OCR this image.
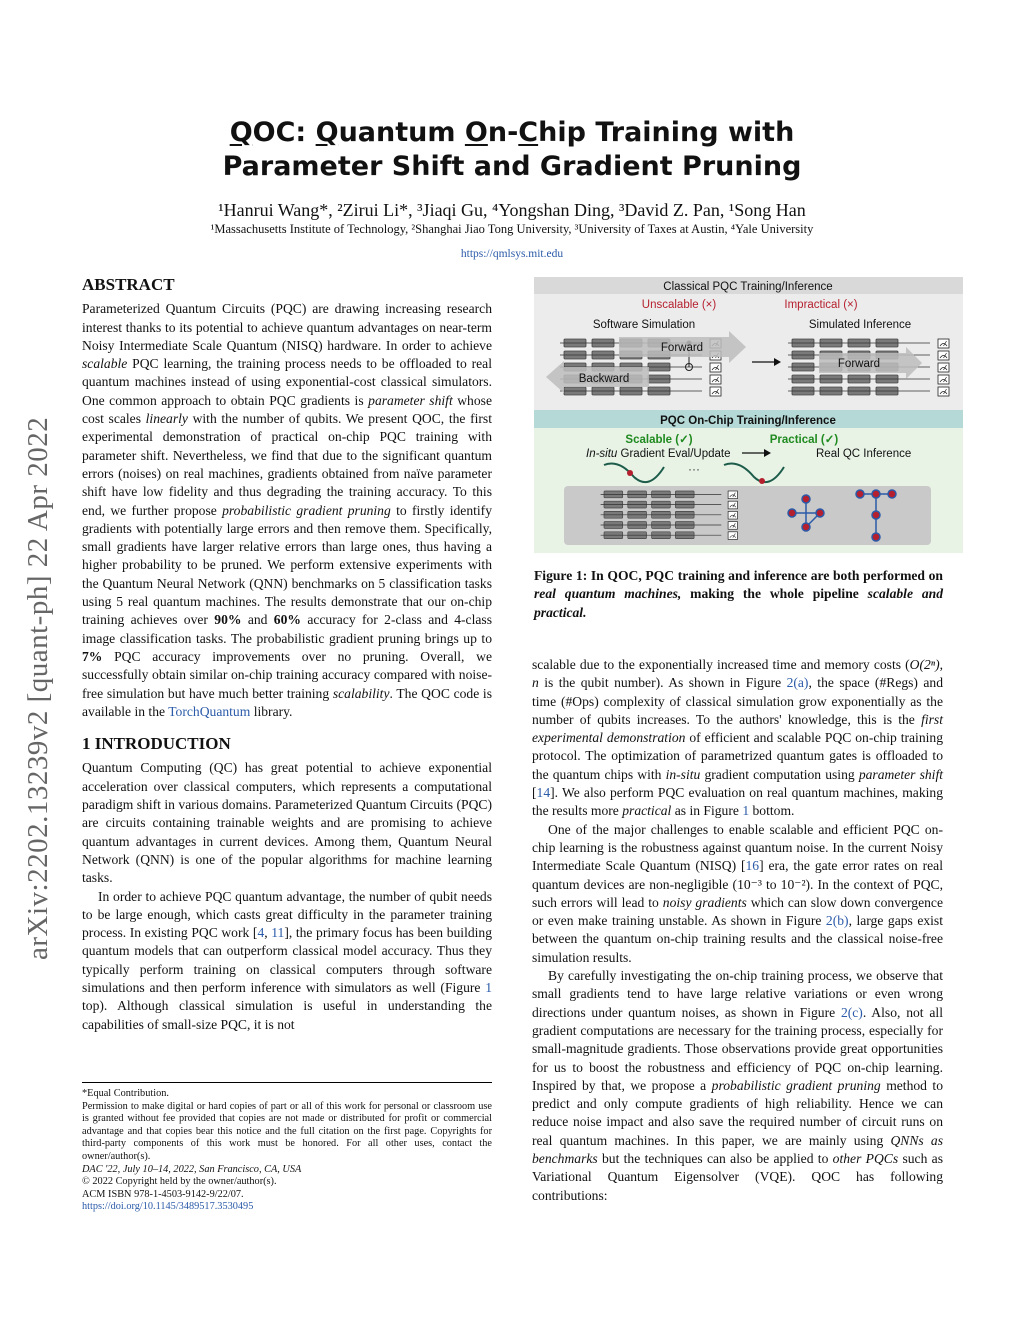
arXiv:2202.13239v2 [quant-ph] 22 Apr 2022
QOC: Quantum On-Chip Training with
Parameter Shift and Gradient Pruning
¹Hanrui Wang*, ²Zirui Li*, ³Jiaqi Gu, ⁴Yongshan Ding, ³David Z. Pan, ¹Song Han
¹Massachusetts Institute of Technology, ²Shanghai Jiao Tong University, ³University of Taxes at Austin, ⁴Yale University
https://qmlsys.mit.edu
ABSTRACT

Parameterized Quantum Circuits (PQC) are drawing increasing research interest thanks to its potential to achieve quantum advantages on near-term Noisy Intermediate Scale Quantum (NISQ) hardware. In order to achieve scalable PQC learning, the training process needs to be offloaded to real quantum machines instead of using exponential-cost classical simulators. One common approach to obtain PQC gradients is parameter shift whose cost scales linearly with the number of qubits. We present QOC, the first experimental demonstration of practical on-chip PQC training with parameter shift. Nevertheless, we find that due to the significant quantum errors (noises) on real machines, gradients obtained from naïve parameter shift have low fidelity and thus degrading the training accuracy. To this end, we further propose probabilistic gradient pruning to firstly identify gradients with potentially large errors and then remove them. Specifically, small gradients have larger relative errors than large ones, thus having a higher probability to be pruned. We perform extensive experiments with the Quantum Neural Network (QNN) benchmarks on 5 classification tasks using 5 real quantum machines. The results demonstrate that our on-chip training achieves over 90% and 60% accuracy for 2-class and 4-class image classification tasks. The probabilistic gradient pruning brings up to 7% PQC accuracy improvements over no pruning. Overall, we successfully obtain similar on-chip training accuracy compared with noise-free simulation but have much better training scalability. The QOC code is available in the TorchQuantum library.

1 INTRODUCTION

Quantum Computing (QC) has great potential to achieve exponential acceleration over classical computers, which represents a computational paradigm shift in various domains. Parameterized Quantum Circuits (PQC) are circuits containing trainable weights and are promising to achieve quantum advantages in current devices. Among them, Quantum Neural Network (QNN) is one of the popular algorithms for machine learning tasks.

In order to achieve PQC quantum advantage, the number of qubit needs to be large enough, which casts great difficulty in the parameter training process. In existing PQC work [4, 11], the primary focus has been building quantum models that can outperform classical model accuracy. Thus they typically perform training on classical computers through software simulations and then perform inference with simulators as well (Figure 1 top). Although classical simulation is useful in understanding the capabilities of small-size PQC, it is not

*Equal Contribution.
Permission to make digital or hard copies of part or all of this work for personal or classroom use is granted without fee provided that copies are not made or distributed for profit or commercial advantage and that copies bear this notice and the full citation on the first page. Copyrights for third-party components of this work must be honored. For all other uses, contact the owner/author(s).
DAC '22, July 10–14, 2022, San Francisco, CA, USA
© 2022 Copyright held by the owner/author(s).
ACM ISBN 978-1-4503-9142-9/22/07.
https://doi.org/10.1145/3489517.3530495
Classical PQC Training/Inference
Unscalable (×)	Impractical (×)
Software Simulation	Simulated Inference
Forward
Backward
Forward
PQC On-Chip Training/Inference
Scalable (✓)	Practical (✓)
In-situ Gradient Eval/Update	Real QC Inference
···
Figure 1: In QOC, PQC training and inference are both performed on real quantum machines, making the whole pipeline scalable and practical.

scalable due to the exponentially increased time and memory costs (O(2ⁿ), n is the qubit number). As shown in Figure 2(a), the space (#Regs) and time (#Ops) complexity of classical simulation grow exponentially as the number of qubits increases. To the authors' knowledge, this is the first experimental demonstration of efficient and scalable PQC on-chip training protocol. The optimization of parametrized quantum gates is offloaded to the quantum chips with in-situ gradient computation using parameter shift [14]. We also perform PQC evaluation on real quantum machines, making the results more practical as in Figure 1 bottom.

One of the major challenges to enable scalable and efficient PQC on-chip learning is the robustness against quantum noise. In the current Noisy Intermediate Scale Quantum (NISQ) [16] era, the gate error rates on real quantum devices are non-negligible (10⁻³ to 10⁻²). In the context of PQC, such errors will lead to noisy gradients which can slow down convergence or even make training unstable. As shown in Figure 2(b), large gaps exist between the quantum on-chip training results and the classical noise-free simulation results.

By carefully investigating the on-chip training process, we observe that small gradients tend to have large relative variations or even wrong directions under quantum noises, as shown in Figure 2(c). Also, not all gradient computations are necessary for the training process, especially for small-magnitude gradients. Those observations provide great opportunities for us to boost the robustness and efficiency of PQC on-chip learning. Inspired by that, we propose a probabilistic gradient pruning method to predict and only compute gradients of high reliability. Hence we can reduce noise impact and also save the required number of circuit runs on real quantum machines. In this paper, we are mainly using QNNs as benchmarks but the techniques can also be applied to other PQCs such as Variational Quantum Eigensolver (VQE). QOC has following contributions:
